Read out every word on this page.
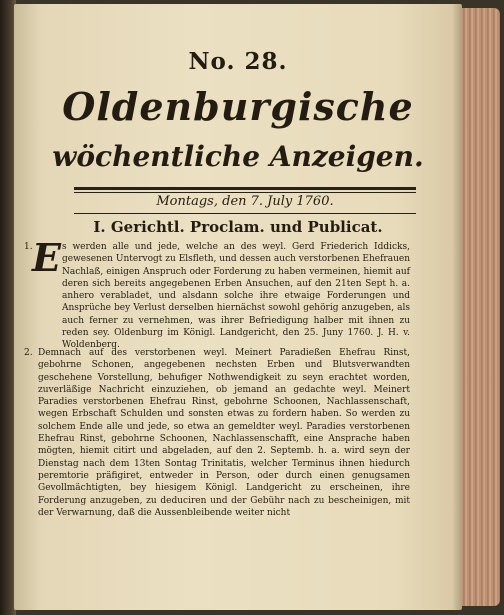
No. 28.
Oldenburgische
wöchentliche Anzeigen.
Montags, den 7. July 1760.
I. Gerichtl. Proclam. und Publicat.
1. E s werden alle und jede, welche an des weyl. Gerd Friederich Iddicks, gewesenen Untervogt zu Elsfleth, und dessen auch verstorbenen Ehefrauen Nachlaß, einigen Anspruch oder Forderung zu haben vermeinen, hiemit auf deren sich bereits angegebenen Erben Ansuchen, auf den 21ten Sept h. a. anhero verabladet, und alsdann solche ihre etwaige Forderungen und Ansprüche bey Verlust derselben hiernächst sowohl gehörig anzugeben, als auch ferner zu vernehmen, was ihrer Befriedigung halber mit ihnen zu reden sey. Oldenburg im Königl. Landgericht, den 25. Juny 1760. J. H. v. Woldenberg.
2. Demnach auf des verstorbenen weyl. Meinert Paradießen Ehefrau Rinst, gebohrne Schonen, angegebenen nechsten Erben und Blutsverwandten geschehene Vorstellung, behufiger Nothwendigkeit zu seyn erachtet worden, zuverläßige Nachricht einzuziehen, ob jemand an gedachte weyl. Meinert Paradies verstorbenen Ehefrau Rinst, gebohrne Schoonen, Nachlassenschaft, wegen Erbschaft Schulden und sonsten etwas zu fordern haben. So werden zu solchem Ende alle und jede, so etwa an gemeldter weyl. Paradies verstorbenen Ehefrau Rinst, gebohrne Schoonen, Nachlassenschafft, eine Ansprache haben mögten, hiemit citirt und abgeladen, auf den 2. Septemb. h. a. wird seyn der Dienstag nach dem 13ten Sontag Trinitatis, welcher Terminus ihnen hiedurch peremtorie präfigiret, entweder in Person, oder durch einen genugsamen Gevollmächtigten, bey hiesigem Königl. Landgericht zu erscheinen, ihre Forderung anzugeben, zu deduciren und der Gebühr nach zu bescheinigen, mit der Verwarnung, daß die Aussenbleibende weiter nicht
